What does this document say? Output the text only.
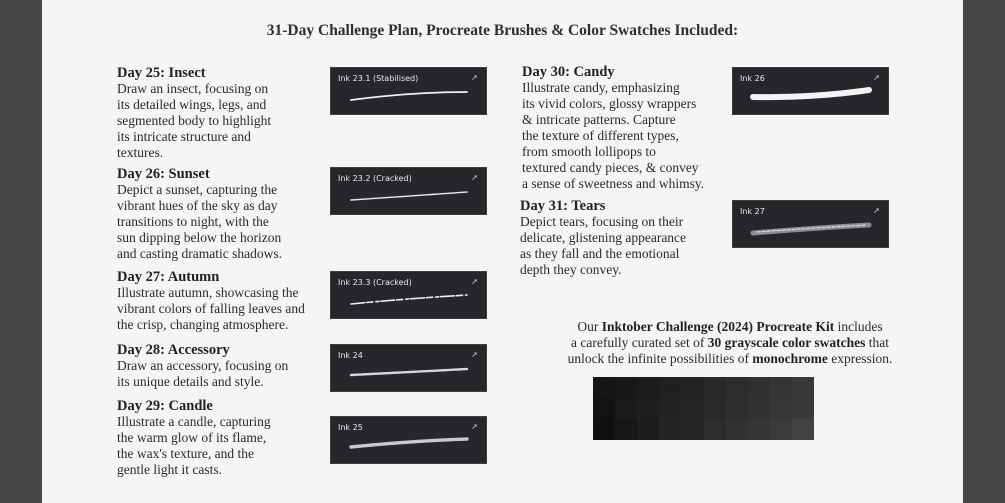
31-Day Challenge Plan, Procreate Brushes & Color Swatches Included:
Day 25: Insect

Draw an insect, focusing on

its detailed wings, legs, and

segmented body to highlight

its intricate structure and

textures.

Day 26: Sunset

Depict a sunset, capturing the

vibrant hues of the sky as day

transitions to night, with the

sun dipping below the horizon

and casting dramatic shadows.

Day 27: Autumn

Illustrate autumn, showcasing the

vibrant colors of falling leaves and

the crisp, changing atmosphere.

Day 28: Accessory

Draw an accessory, focusing on

its unique details and style.

Day 29: Candle

Illustrate a candle, capturing

the warm glow of its flame,

the wax's texture, and the

gentle light it casts.

Day 30: Candy

Illustrate candy, emphasizing

its vivid colors, glossy wrappers

& intricate patterns. Capture

the texture of different types,

from smooth lollipops to

textured candy pieces, & convey

a sense of sweetness and whimsy.

Day 31: Tears

Depict tears, focusing on their

delicate, glistening appearance

as they fall and the emotional

depth they convey.

Ink 23.1 (Stabilised)	➚
Ink 23.2 (Cracked)	➚
Ink 23.3 (Cracked)	➚
Ink 24	➚
Ink 25	➚
Ink 26	➚
Ink 27	➚
Our Inktober Challenge (2024) Procreate Kit includes
a carefully curated set of 30 grayscale color swatches that
unlock the infinite possibilities of monochrome expression.
